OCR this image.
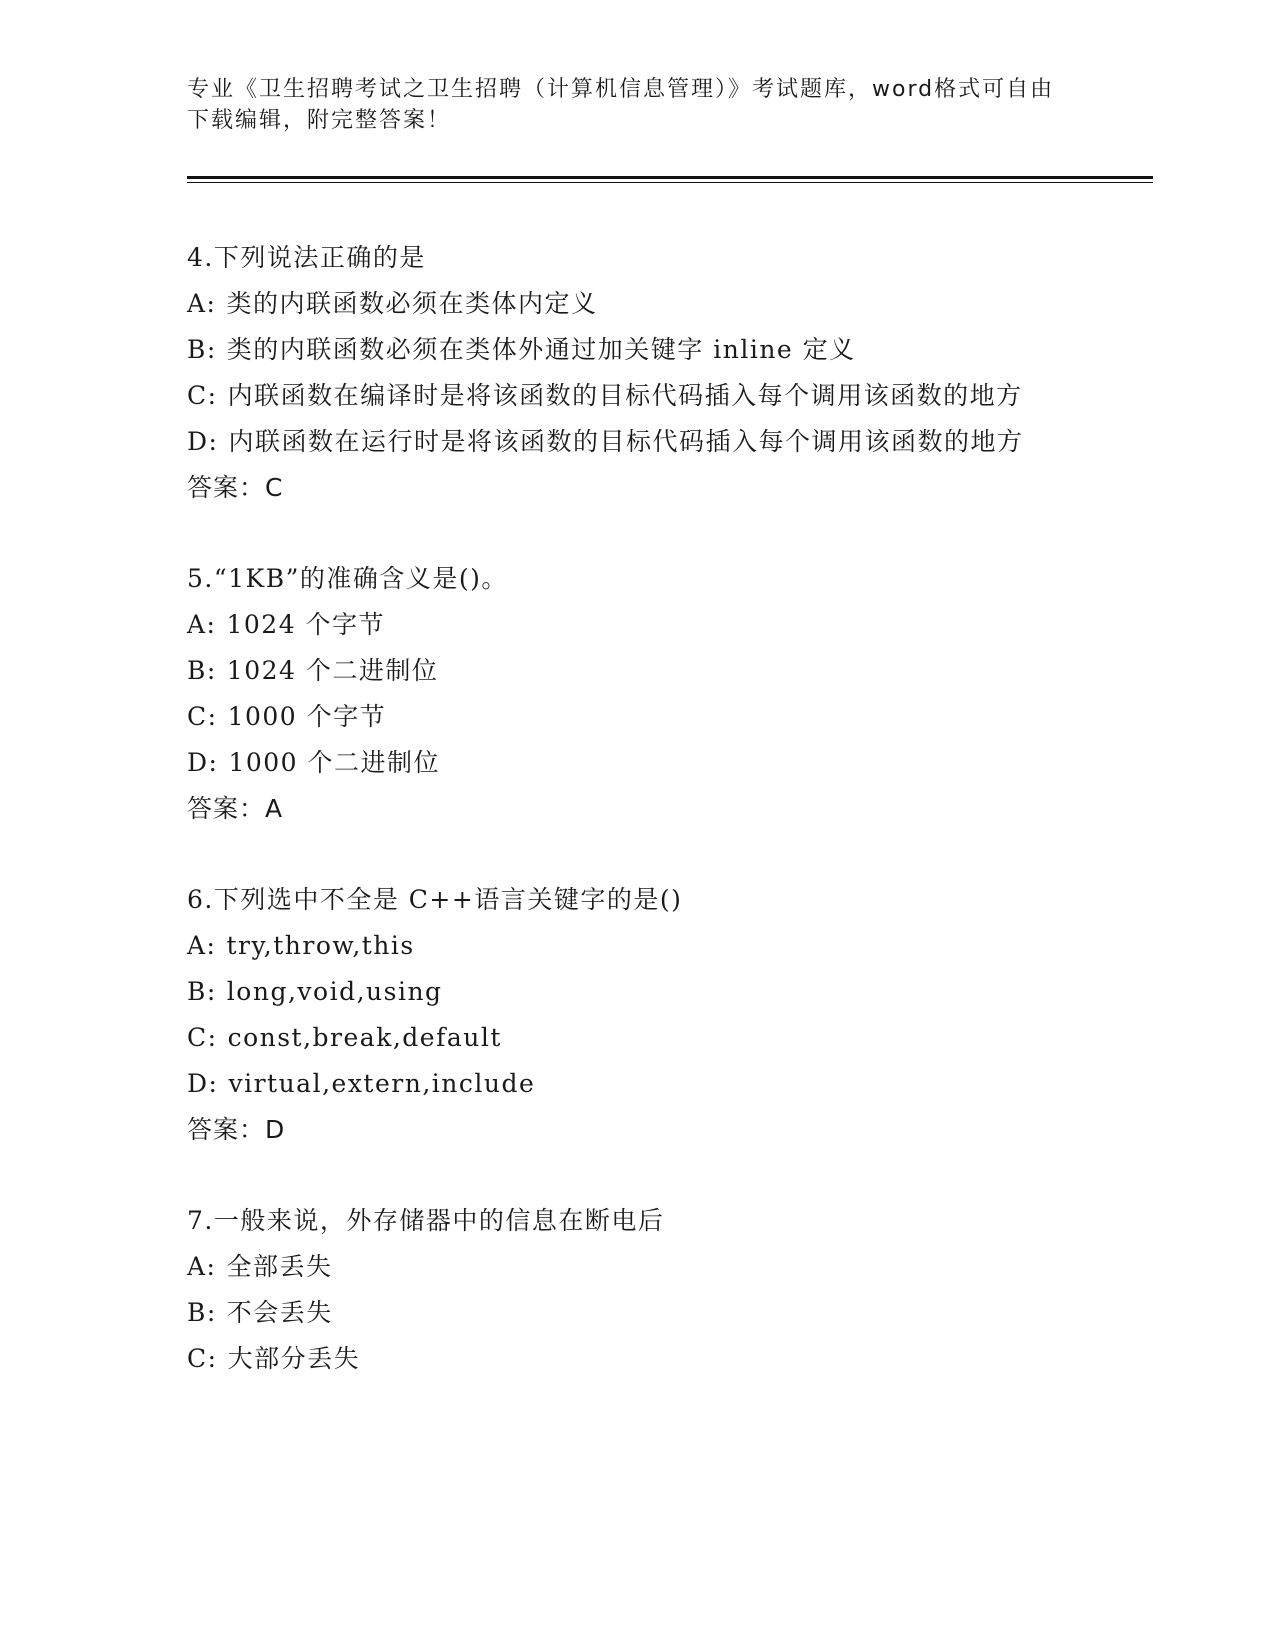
专业《卫生招聘考试之卫生招聘（计算机信息管理）》考试题库，word格式可自由下载编辑，附完整答案！
4.下列说法正确的是
A: 类的内联函数必须在类体内定义
B: 类的内联函数必须在类体外通过加关键字 inline 定义
C: 内联函数在编译时是将该函数的目标代码插入每个调用该函数的地方
D: 内联函数在运行时是将该函数的目标代码插入每个调用该函数的地方
答案：C
5.“1KB”的准确含义是()。
A: 1024 个字节
B: 1024 个二进制位
C: 1000 个字节
D: 1000 个二进制位
答案：A
6.下列选中不全是 C++语言关键字的是()
A: try,throw,this
B: long,void,using
C: const,break,default
D: virtual,extern,include
答案：D
7.一般来说，外存储器中的信息在断电后
A: 全部丢失
B: 不会丢失
C: 大部分丢失
